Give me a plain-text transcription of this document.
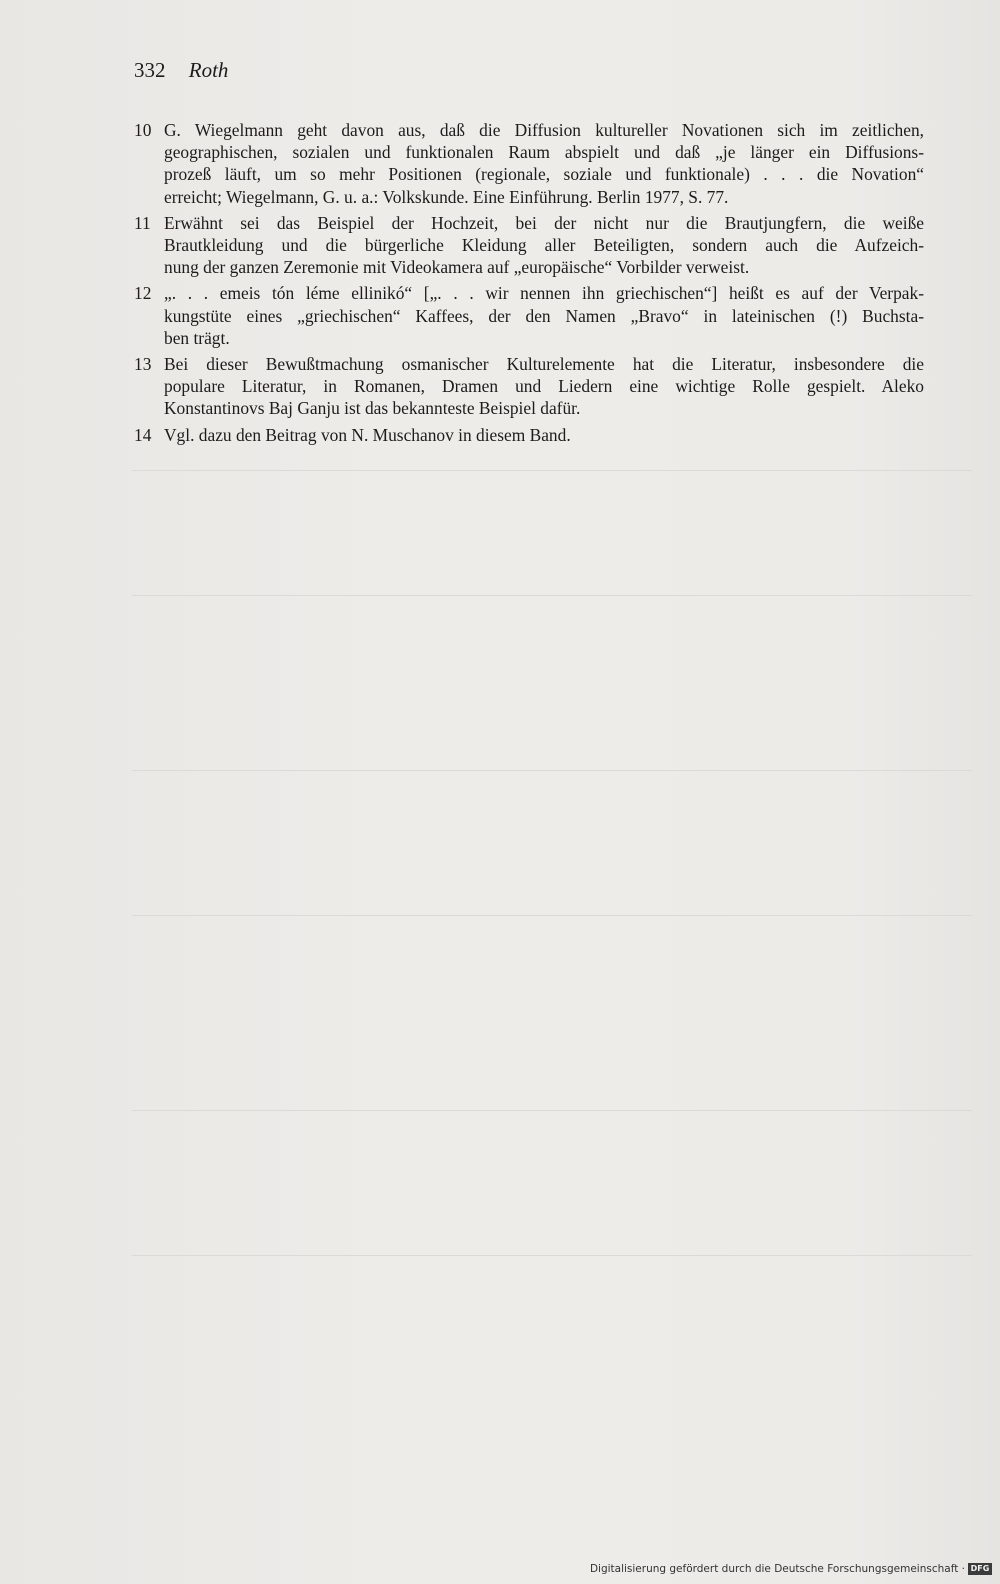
332 Roth
10 G. Wiegelmann geht davon aus, daß die Diffusion kultureller Novationen sich im zeitlichen,
geographischen, sozialen und funktionalen Raum abspielt und daß „je länger ein Diffusions-
prozeß läuft, um so mehr Positionen (regionale, soziale und funktionale) . . . die Novation“
erreicht; Wiegelmann, G. u. a.: Volkskunde. Eine Einführung. Berlin 1977, S. 77.
11 Erwähnt sei das Beispiel der Hochzeit, bei der nicht nur die Brautjungfern, die weiße
Brautkleidung und die bürgerliche Kleidung aller Beteiligten, sondern auch die Aufzeich-
nung der ganzen Zeremonie mit Videokamera auf „europäische“ Vorbilder verweist.
12 „. . . emeis tón léme ellinikó“ [„. . . wir nennen ihn griechischen“] heißt es auf der Verpak-
kungstüte eines „griechischen“ Kaffees, der den Namen „Bravo“ in lateinischen (!) Buchsta-
ben trägt.
13 Bei dieser Bewußtmachung osmanischer Kulturelemente hat die Literatur, insbesondere die
populare Literatur, in Romanen, Dramen und Liedern eine wichtige Rolle gespielt. Aleko
Konstantinovs Baj Ganju ist das bekannteste Beispiel dafür.
14 Vgl. dazu den Beitrag von N. Muschanov in diesem Band.
Digitalisierung gefördert durch die Deutsche Forschungsgemeinschaft · DFG
